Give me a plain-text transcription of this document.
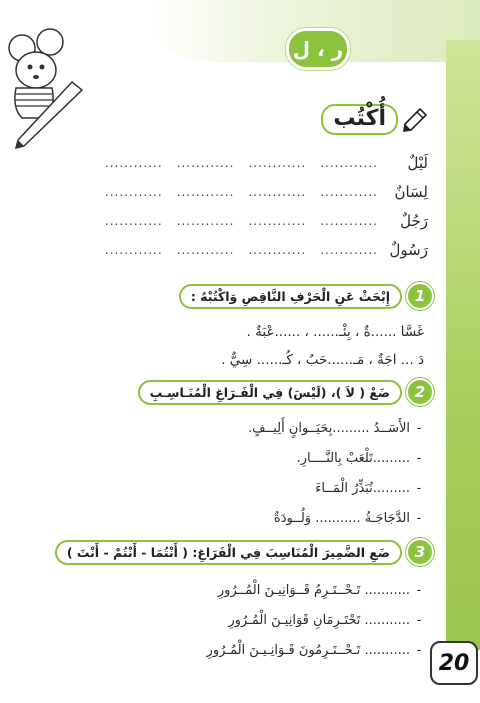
ر ، ل
أُكْتُب
لَيْلٌ
............
............
............
............
لِسَانٌ
............
............
............
............
رَجُلٌ
............
............
............
............
رَسُولٌ
............
............
............
............
1
إِبْحَثْ عَنِ الْحَرْفِ النَّاقِصِ وَاكْتُبْهُ :
غَسَّا ......ةٌ ، بِئْـ...... ، ......عْبَةٌ .
دَ ... اجَةٌ ، مَـ......حَبٌ ، كُـ...... سِيٌّ .
2
ضَعْ ( لاَ )، (لَيْسَ) فِي الْفَـرَاغِ الْمُنَـاسِـبِ
-
الأَسَــدُ .........بِحَيَــوانٍ أَلِيــفٍ.
-
.........تَلْعَبْ بِالنَّــــارِ.
-
.........تُبَذِّرُ الْمَــاءَ
-
الدَّجَاجَـةُ ........... وَلُــودَةٌ
3
ضَعِ الضَّمِيرَ الْمُنَاسِبَ فِي الْفَرَاغِ: ( أَنْتُمَا - أَنْتُمْ - أَنْتَ )
-
........... تَـحْــتَـرِمُ قَــوَانِيـنَ الْمُــرُورِ
-
........... تَحْتَـرِمَانِ قَوَانِيـنَ الْمُـرُورِ
-
........... تَـحْــتَـرِمُونَ قَـوَانِـيـنَ الْمُـرُورِ
20
